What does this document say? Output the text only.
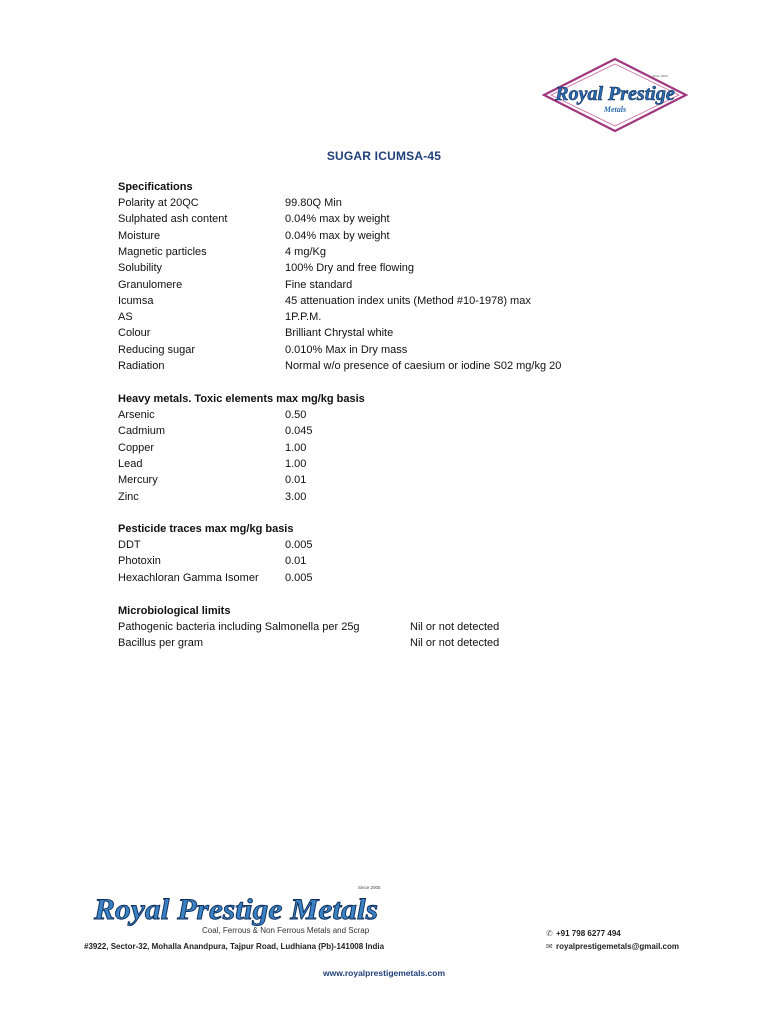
Royal Prestige
Metals
Since 2005
SUGAR ICUMSA-45
Specifications
Polarity at 20QC	99.80Q Min
Sulphated ash content	0.04% max by weight
Moisture	0.04% max by weight
Magnetic particles	4 mg/Kg
Solubility	100% Dry and free flowing
Granulomere	Fine standard
Icumsa	45 attenuation index units (Method #10-1978) max
AS	1P.P.M.
Colour	Brilliant Chrystal white
Reducing sugar	0.010% Max in Dry mass
Radiation	Normal w/o presence of caesium or iodine S02 mg/kg 20
Heavy metals. Toxic elements max mg/kg basis
Arsenic	0.50
Cadmium	0.045
Copper	1.00
Lead	1.00
Mercury	0.01
Zinc	3.00
Pesticide traces max mg/kg basis
DDT	0.005
Photoxin	0.01
Hexachloran Gamma Isomer 0.005
Microbiological limits
Pathogenic bacteria including Salmonella per 25g	Nil or not detected
Bacillus per gram	Nil or not detected
Royal Prestige Metals
Since 2005
Coal, Ferrous & Non Ferrous Metals and Scrap
#3922, Sector-32, Mohalla Anandpura, Tajpur Road, Ludhiana (Pb)-141008 India
✆ +91 798 6277 494
✉ royalprestigemetals@gmail.com
www.royalprestigemetals.com
